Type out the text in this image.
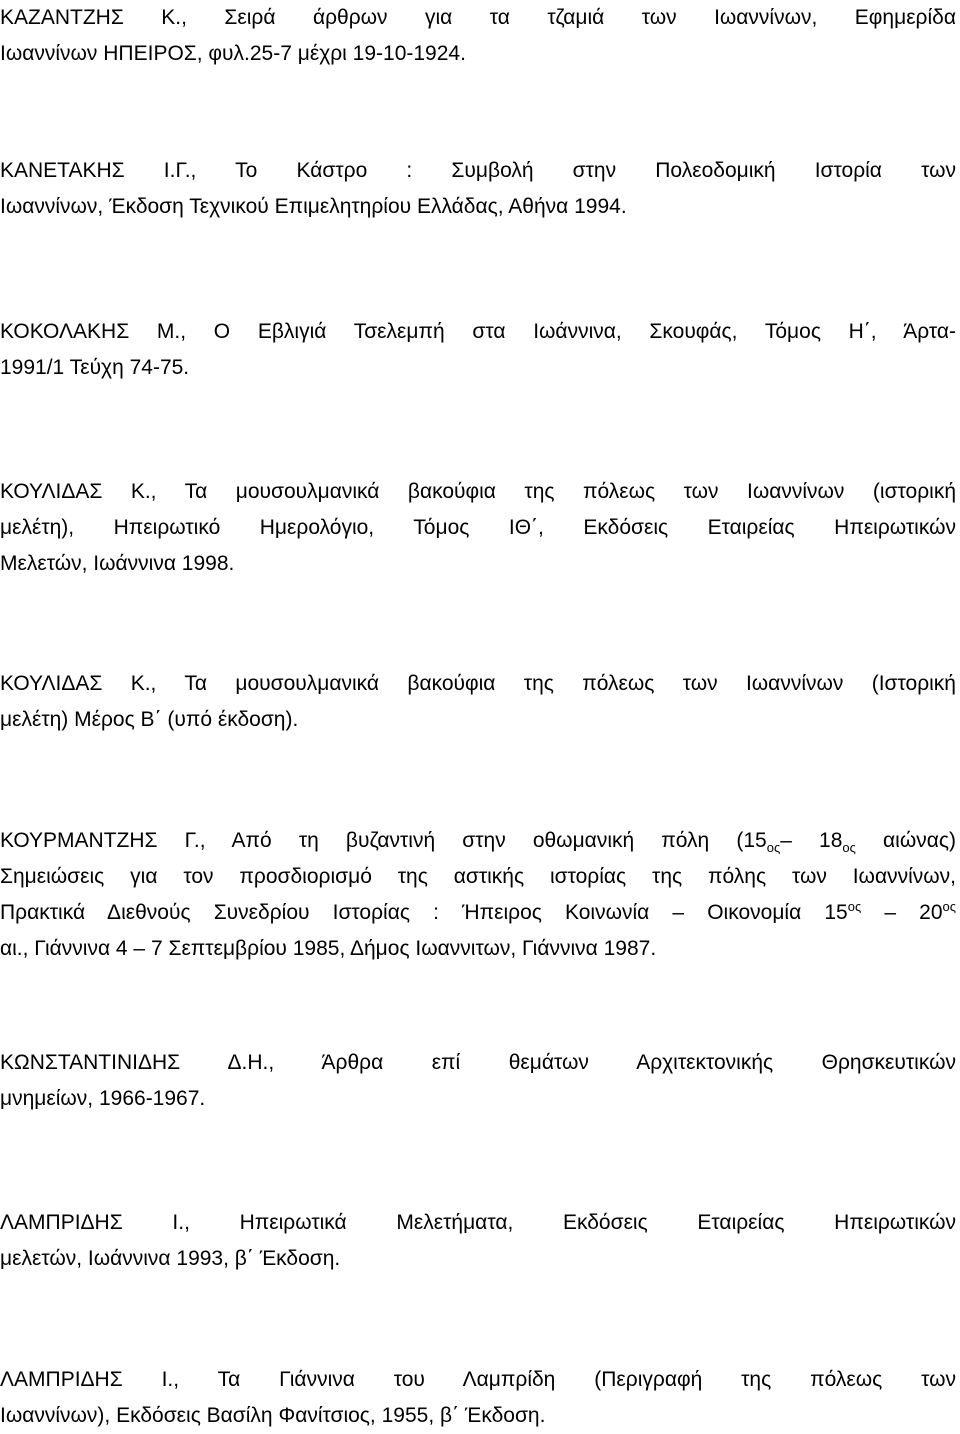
ΚΑΖΑΝΤΖΗΣ Κ., Σειρά άρθρων για τα τζαμιά των Ιωαννίνων, Εφημερίδα
Ιωαννίνων ΗΠΕΙΡΟΣ, φυλ.25-7 μέχρι 19-10-1924.
ΚΑΝΕΤΑΚΗΣ Ι.Γ., Το Κάστρο : Συμβολή στην Πολεοδομική Ιστορία των
Ιωαννίνων, Έκδοση Τεχνικού Επιμελητηρίου Ελλάδας, Αθήνα 1994.
ΚΟΚΟΛΑΚΗΣ Μ., Ο Εβλιγιά Τσελεμπή στα Ιωάννινα, Σκουφάς, Τόμος Η΄, Άρτα-
1991/1 Τεύχη 74-75.
ΚΟΥΛΙΔΑΣ Κ., Τα μουσουλμανικά βακούφια της πόλεως των Ιωαννίνων (ιστορική
μελέτη), Ηπειρωτικό Ημερολόγιο, Τόμος ΙΘ΄, Εκδόσεις Εταιρείας Ηπειρωτικών
Μελετών, Ιωάννινα 1998.
ΚΟΥΛΙΔΑΣ Κ., Τα μουσουλμανικά βακούφια της πόλεως των Ιωαννίνων (Ιστορική
μελέτη) Μέρος Β΄ (υπό έκδοση).
ΚΟΥΡΜΑΝΤΖΗΣ Γ., Από τη βυζαντινή στην οθωμανική πόλη ($15_{o\varsigma}-$ $18_{o\varsigma}$ αιώνας)
Σημειώσεις για τον προσδιορισμό της αστικής ιστορίας της πόλης των Ιωαννίνων,
Πρακτικά Διεθνούς Συνεδρίου Ιστορίας : Ήπειρος Κοινωνία – Οικονομία $15^{o\varsigma} - 20^{o\varsigma}$
αι., Γιάννινα 4 – 7 Σεπτεμβρίου 1985, Δήμος Ιωαννιτων, Γιάννινα 1987.
ΚΩΝΣΤΑΝΤΙΝΙΔΗΣ Δ.Η., Άρθρα επί θεμάτων Αρχιτεκτονικής Θρησκευτικών
μνημείων, 1966-1967.
ΛΑΜΠΡΙΔΗΣ Ι., Ηπειρωτικά Μελετήματα, Εκδόσεις Εταιρείας Ηπειρωτικών
μελετών, Ιωάννινα 1993, β΄ Έκδοση.
ΛΑΜΠΡΙΔΗΣ Ι., Τα Γιάννινα του Λαμπρίδη (Περιγραφή της πόλεως των
Ιωαννίνων), Εκδόσεις Βασίλη Φανίτσιος, 1955, β΄ Έκδοση.
